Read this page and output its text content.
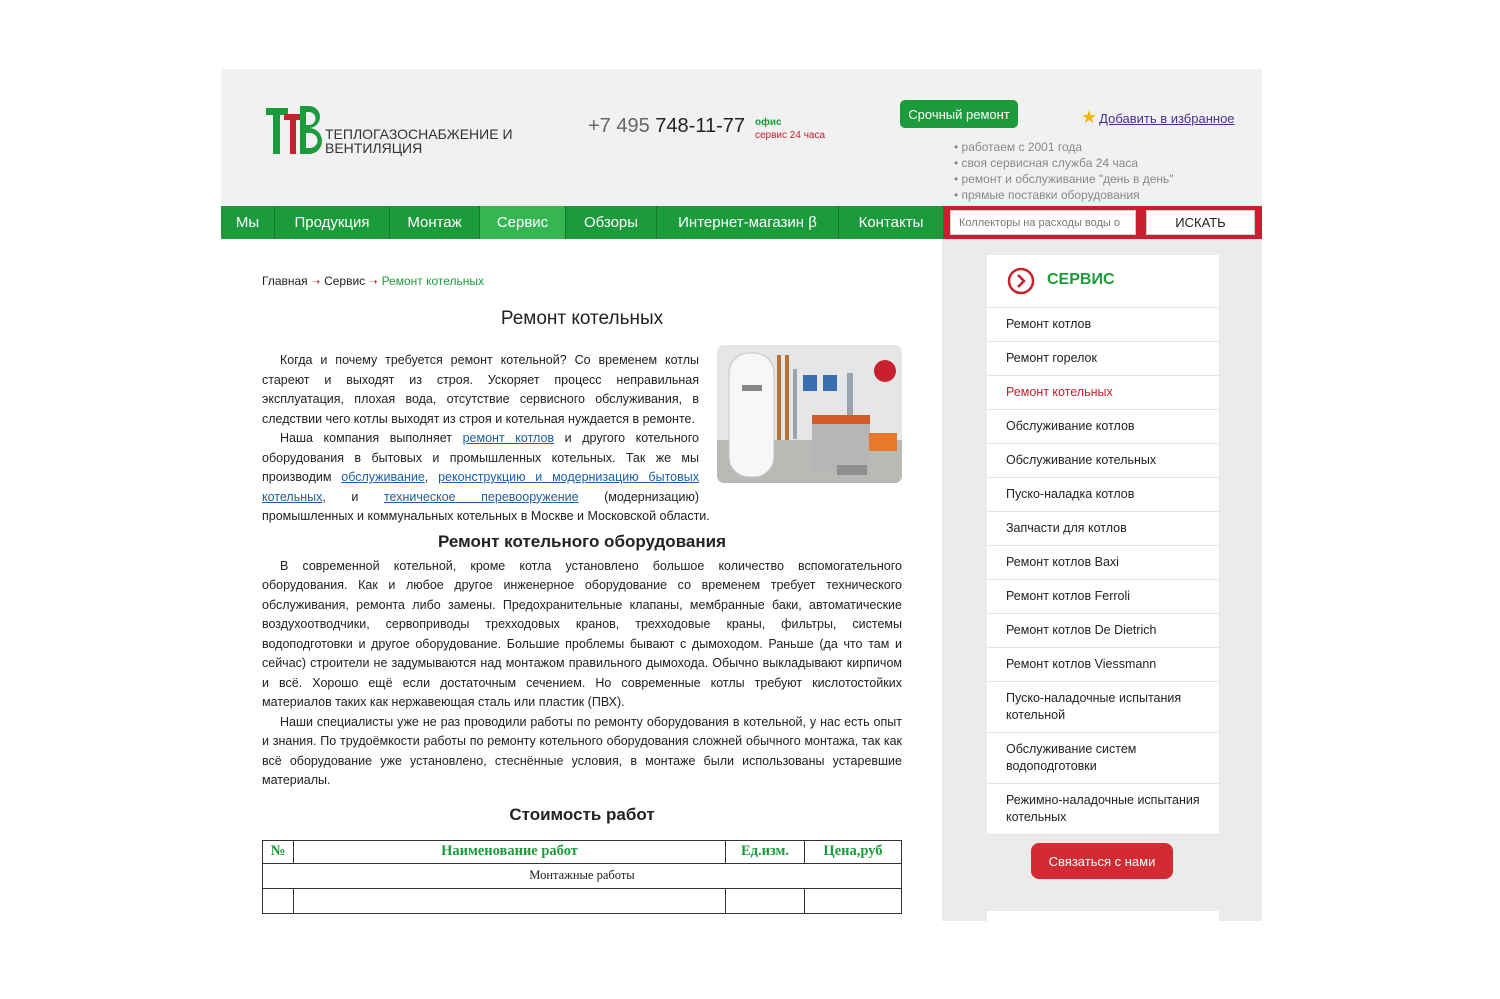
ТЕПЛОГАЗОСНАБЖЕНИЕ И ВЕНТИЛЯЦИЯ
+7 495 748-11-77 офис
сервис 24 часа
Срочный ремонт	★ Добавить в избранное
• работаем с 2001 года
• своя сервисная служба 24 часа
• ремонт и обслуживание "день в день"
• прямые поставки оборудования
Мы	Продукция	Монтаж	Сервис	Обзоры	Интернет-магазин β	Контакты
Коллекторы на расходы воды о	ИСКАТЬ
Главная ➝ Сервис ➝ Ремонт котельных
Ремонт котельных

Когда и почему требуется ремонт котельной? Со временем котлы стареют и выходят из строя. Ускоряет процесс неправильная эксплуатация, плохая вода, отсутствие сервисного обслуживания, в следствии чего котлы выходят из строя и котельная нуждается в ремонте.

Наша компания выполняет ремонт котлов и другого котельного оборудования в бытовых и промышленных котельных. Так же мы производим обслуживание, реконструкцию и модернизацию бытовых котельных, и техническое перевооружение (модернизацию) промышленных и коммунальных котельных в Москве и Московской области.

Ремонт котельного оборудования

В современной котельной, кроме котла установлено большое количество вспомогательного оборудования. Как и любое другое инженерное оборудование со временем требует технического обслуживания, ремонта либо замены. Предохранительные клапаны, мембранные баки, автоматические воздухоотводчики, сервоприводы трехходовых кранов, трехходовые краны, фильтры, системы водоподготовки и другое оборудование. Большие проблемы бывают с дымоходом. Раньше (да что там и сейчас) строители не задумываются над монтажом правильного дымохода. Обычно выкладывают кирпичом и всё. Хорошо ещё если достаточным сечением. Но современные котлы требуют кислотостойких материалов таких как нержавеющая сталь или пластик (ПВХ).

Наши специалисты уже не раз проводили работы по ремонту оборудования в котельной, у нас есть опыт и знания. По трудоёмкости работы по ремонту котельного оборудования сложней обычного монтажа, так как всё оборудование уже установлено, стеснённые условия, в монтаже были использованы устаревшие материалы.

Стоимость работ
№	Наименование работ	Ед.изм.	Цена,руб
Монтажные работы			

СЕРВИС
Ремонт котлов
Ремонт горелок
Ремонт котельных
Обслуживание котлов
Обслуживание котельных
Пуско-наладка котлов
Запчасти для котлов
Ремонт котлов Baxi
Ремонт котлов Ferroli
Ремонт котлов De Dietrich
Ремонт котлов Viessmann
Пуско-наладочные испытания котельной
Обслуживание систем водоподготовки
Режимно-наладочные испытания котельных
Связаться с нами
